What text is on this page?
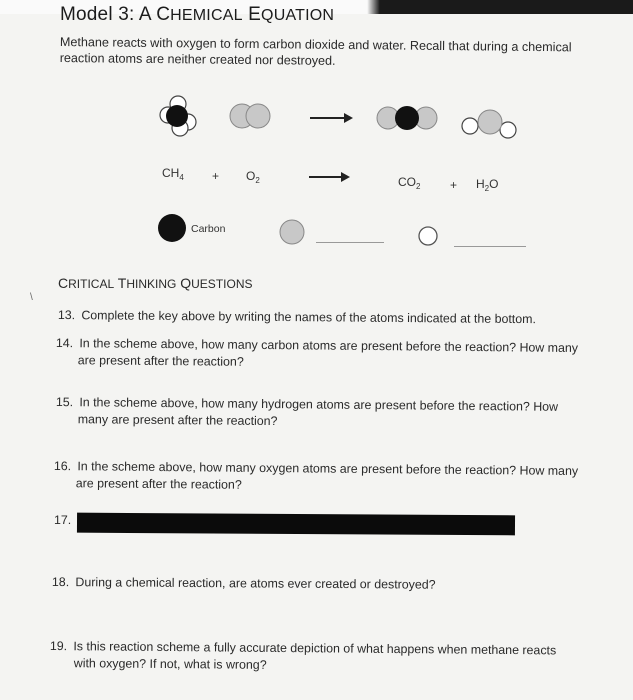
Model 3: A CHEMICAL EQUATION
Methane reacts with oxygen to form carbon dioxide and water. Recall that during a chemical
reaction atoms are neither created nor destroyed.
$CH_4 + O_2$	$CO_2 + H_2O$
Carbon
CRITICAL THINKING QUESTIONS
\
13. Complete the key above by writing the names of the atoms indicated at the bottom.
14. In the scheme above, how many carbon atoms are present before the reaction? How many
are present after the reaction?
15. In the scheme above, how many hydrogen atoms are present before the reaction? How
many are present after the reaction?
16. In the scheme above, how many oxygen atoms are present before the reaction? How many
are present after the reaction?
17.
18. During a chemical reaction, are atoms ever created or destroyed?
19. Is this reaction scheme a fully accurate depiction of what happens when methane reacts
with oxygen? If not, what is wrong?
